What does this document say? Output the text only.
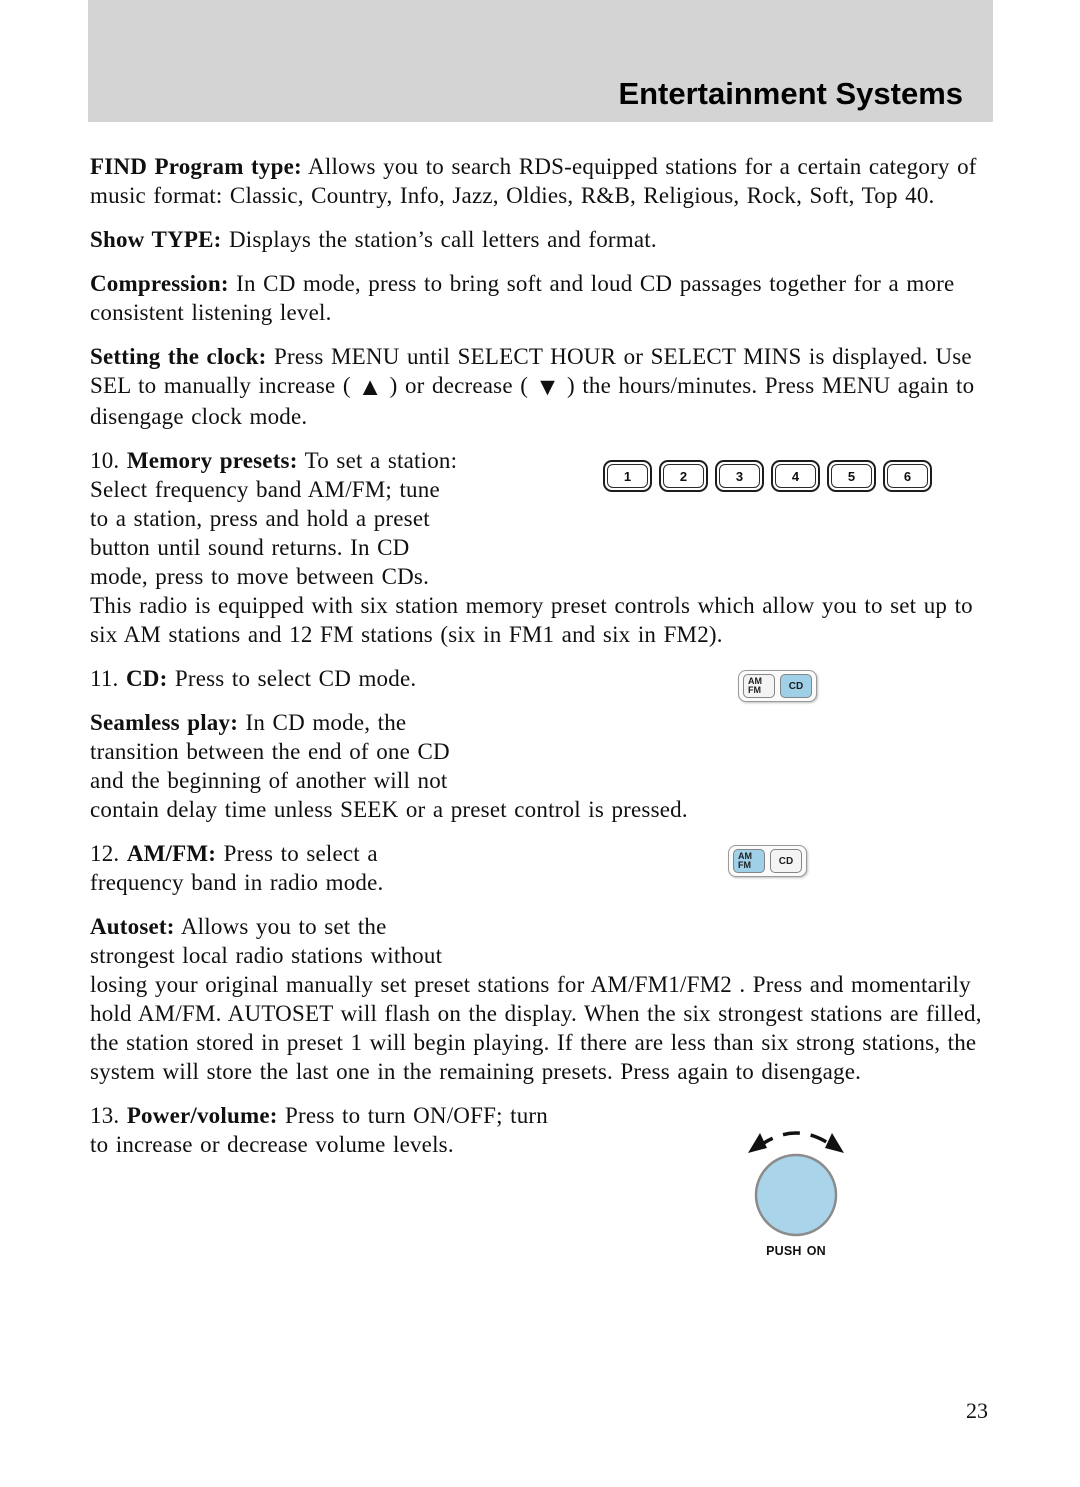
Entertainment Systems

FIND Program type: Allows you to search RDS-equipped stations for a certain category of music format: Classic, Country, Info, Jazz, Oldies, R&B, Religious, Rock, Soft, Top 40.

Show TYPE: Displays the station’s call letters and format.

Compression: In CD mode, press to bring soft and loud CD passages together for a more consistent listening level.

Setting the clock: Press MENU until SELECT HOUR or SELECT MINS is displayed. Use SEL to manually increase ( ▲ ) or decrease ( ▼ ) the hours/minutes. Press MENU again to disengage clock mode.

1	2	3	4	5	6

10. Memory presets: To set a station: Select frequency band AM/FM; tune to a station, press and hold a preset button until sound returns. In CD mode, press to move between CDs.

This radio is equipped with six station memory preset controls which allow you to set up to six AM stations and 12 FM stations (six in FM1 and six in FM2).

AM
FM	CD

11. CD: Press to select CD mode.

Seamless play: In CD mode, the transition between the end of one CD and the beginning of another will not contain delay time unless SEEK or a preset control is pressed.

AM
FM	CD

12. AM/FM: Press to select a frequency band in radio mode.

Autoset: Allows you to set the strongest local radio stations without losing your original manually set preset stations for AM/FM1/FM2 . Press and momentarily hold AM/FM. AUTOSET will flash on the display. When the six strongest stations are filled, the station stored in preset 1 will begin playing. If there are less than six strong stations, the system will store the last one in the remaining presets. Press again to disengage.

PUSH ON

13. Power/volume: Press to turn ON/OFF; turn to increase or decrease volume levels.

23
